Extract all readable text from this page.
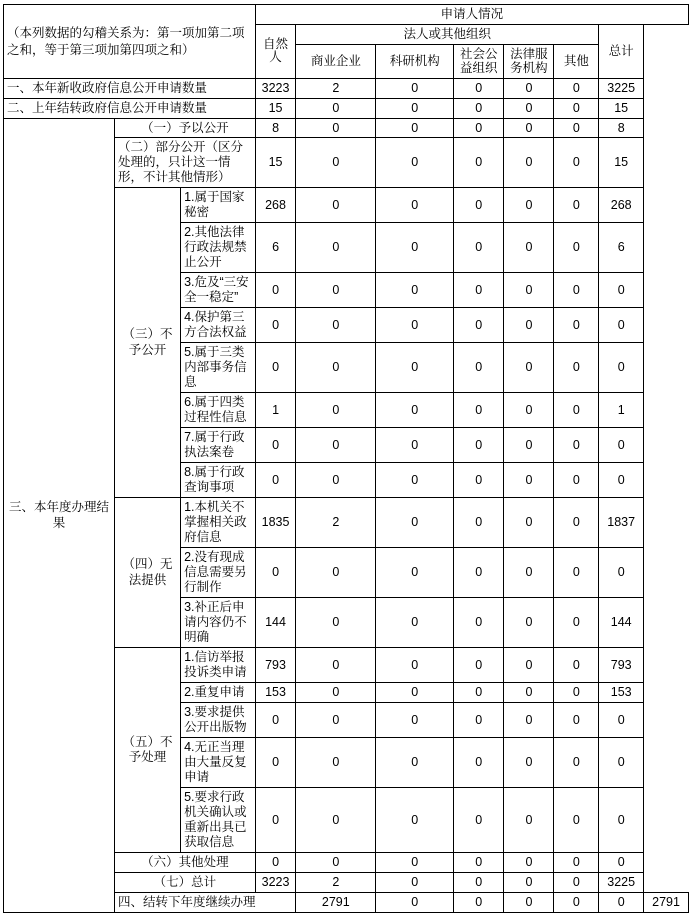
（本列数据的勾稽关系为：第一项加第二项之和，等于第三项加第四项之和）			申请人情况							
			自然人	法人或其他组织					总计	
				商业企业	科研机构	社会公益组织	法律服务机构	其他		
一、本年新收政府信息公开申请数量			3223	2	0	0	0	0	3225	
二、上年结转政府信息公开申请数量			15	0	0	0	0	0	15	
三、本年度办理结果	（一）予以公开		8	0	0	0	0	0	8	
	（二）部分公开（区分处理的，只计这一情形，不计其他情形）		15	0	0	0	0	0	15	
	（三）不予公开	1.属于国家秘密	268	0	0	0	0	0	268	
		2.其他法律行政法规禁止公开	6	0	0	0	0	0	6	
		3.危及“三安全一稳定”	0	0	0	0	0	0	0	
		4.保护第三方合法权益	0	0	0	0	0	0	0	
		5.属于三类内部事务信息	0	0	0	0	0	0	0	
		6.属于四类过程性信息	1	0	0	0	0	0	1	
		7.属于行政执法案卷	0	0	0	0	0	0	0	
		8.属于行政查询事项	0	0	0	0	0	0	0	
	（四）无法提供	1.本机关不掌握相关政府信息	1835	2	0	0	0	0	1837	
		2.没有现成信息需要另行制作	0	0	0	0	0	0	0	
		3.补正后申请内容仍不明确	144	0	0	0	0	0	144	
	（五）不予处理	1.信访举报投诉类申请	793	0	0	0	0	0	793	
		2.重复申请	153	0	0	0	0	0	153	
		3.要求提供公开出版物	0	0	0	0	0	0	0	
		4.无正当理由大量反复申请	0	0	0	0	0	0	0	
		5.要求行政机关确认或重新出具已获取信息	0	0	0	0	0	0	0	
	（六）其他处理		0	0	0	0	0	0	0	
	（七）总计		3223	2	0	0	0	0	3225	
	四、结转下年度继续办理			2791	0	0	0	0	0	2791
